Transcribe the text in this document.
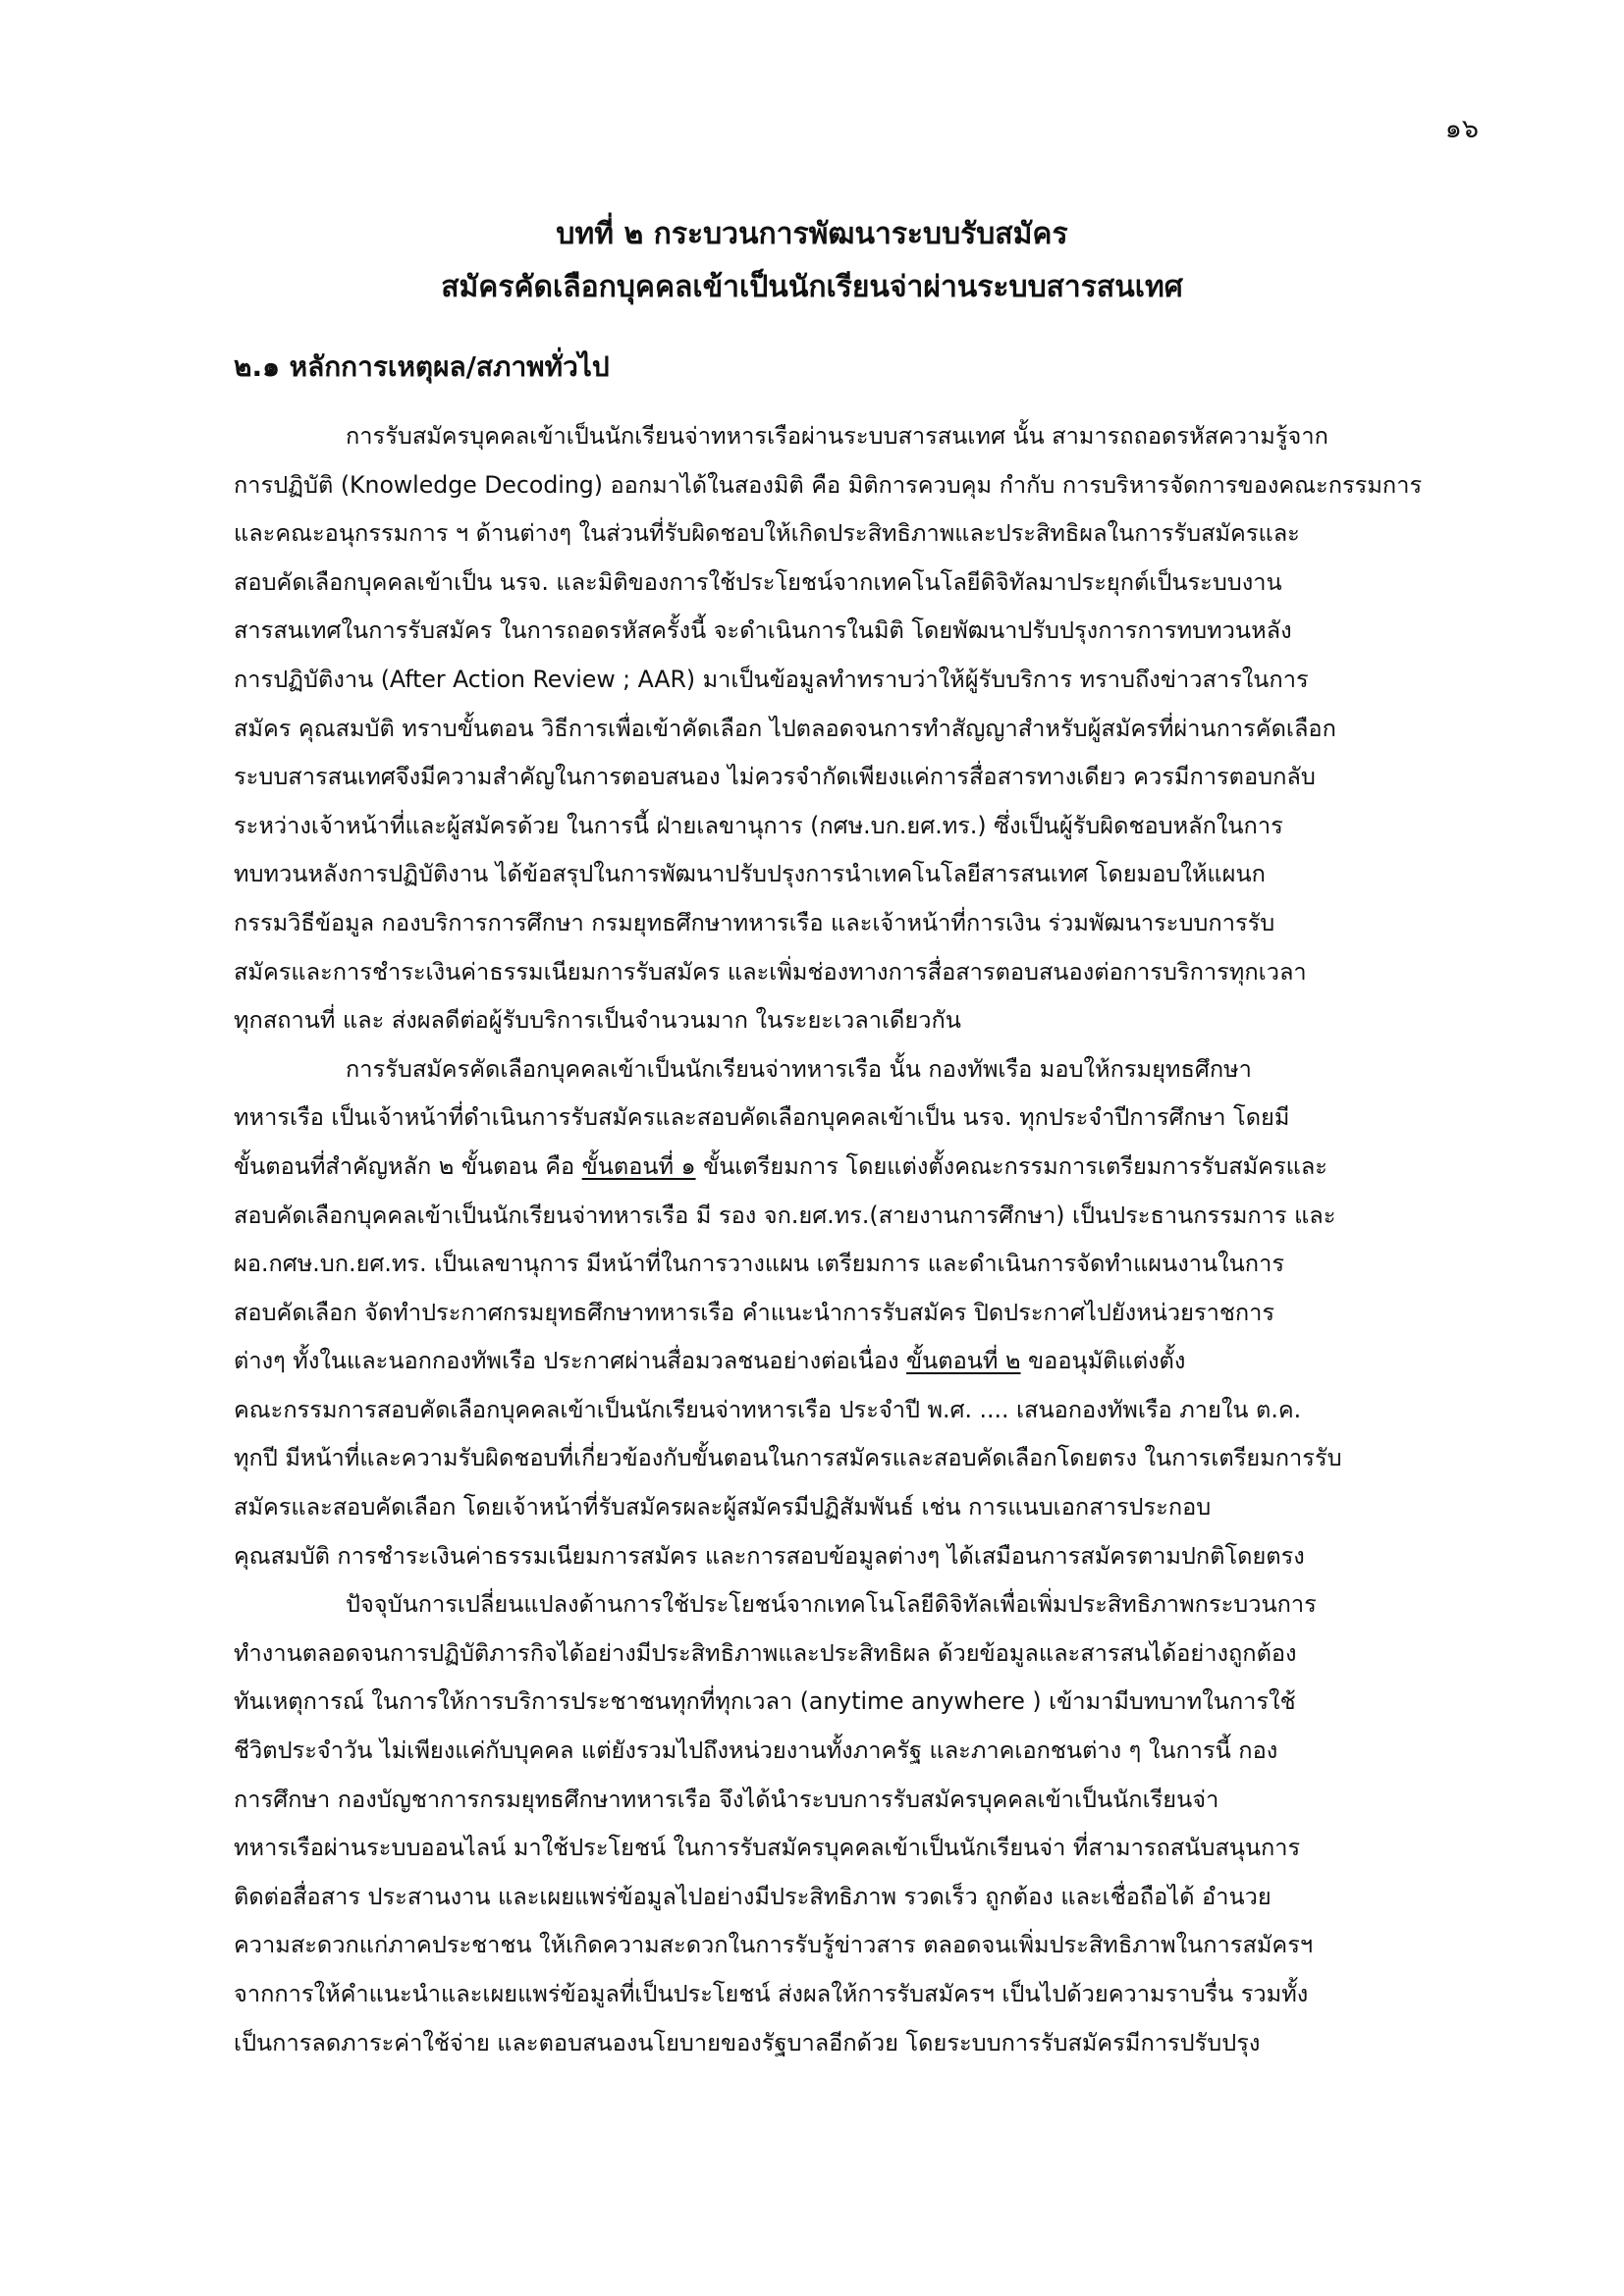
๑๖
บทที่ ๒ กระบวนการพัฒนาระบบรับสมัคร
สมัครคัดเลือกบุคคลเข้าเป็นนักเรียนจ่าผ่านระบบสารสนเทศ
๒.๑ หลักการเหตุผล/สภาพทั่วไป
การรับสมัครบุคคลเข้าเป็นนักเรียนจ่าทหารเรือผ่านระบบสารสนเทศ นั้น สามารถถอดรหัสความรู้จาก
การปฏิบัติ (Knowledge Decoding) ออกมาได้ในสองมิติ คือ มิติการควบคุม กำกับ การบริหารจัดการของคณะกรรมการ
และคณะอนุกรรมการ ฯ ด้านต่างๆ ในส่วนที่รับผิดชอบให้เกิดประสิทธิภาพและประสิทธิผลในการรับสมัครและ
สอบคัดเลือกบุคคลเข้าเป็น นรจ. และมิติของการใช้ประโยชน์จากเทคโนโลยีดิจิทัลมาประยุกต์เป็นระบบงาน
สารสนเทศในการรับสมัคร ในการถอดรหัสครั้งนี้ จะดำเนินการในมิติ โดยพัฒนาปรับปรุงการการทบทวนหลัง
การปฏิบัติงาน (After Action Review ; AAR) มาเป็นข้อมูลทำทราบว่าให้ผู้รับบริการ ทราบถึงข่าวสารในการ
สมัคร คุณสมบัติ ทราบขั้นตอน วิธีการเพื่อเข้าคัดเลือก ไปตลอดจนการทำสัญญาสำหรับผู้สมัครที่ผ่านการคัดเลือก
ระบบสารสนเทศจึงมีความสำคัญในการตอบสนอง ไม่ควรจำกัดเพียงแค่การสื่อสารทางเดียว ควรมีการตอบกลับ
ระหว่างเจ้าหน้าที่และผู้สมัครด้วย ในการนี้ ฝ่ายเลขานุการ (กศษ.บก.ยศ.ทร.) ซึ่งเป็นผู้รับผิดชอบหลักในการ
ทบทวนหลังการปฏิบัติงาน ได้ข้อสรุปในการพัฒนาปรับปรุงการนำเทคโนโลยีสารสนเทศ โดยมอบให้แผนก
กรรมวิธีข้อมูล กองบริการการศึกษา กรมยุทธศึกษาทหารเรือ และเจ้าหน้าที่การเงิน ร่วมพัฒนาระบบการรับ
สมัครและการชำระเงินค่าธรรมเนียมการรับสมัคร และเพิ่มช่องทางการสื่อสารตอบสนองต่อการบริการทุกเวลา
ทุกสถานที่ และ ส่งผลดีต่อผู้รับบริการเป็นจำนวนมาก ในระยะเวลาเดียวกัน
การรับสมัครคัดเลือกบุคคลเข้าเป็นนักเรียนจ่าทหารเรือ นั้น กองทัพเรือ มอบให้กรมยุทธศึกษา
ทหารเรือ เป็นเจ้าหน้าที่ดำเนินการรับสมัครและสอบคัดเลือกบุคคลเข้าเป็น นรจ. ทุกประจำปีการศึกษา โดยมี
ขั้นตอนที่สำคัญหลัก ๒ ขั้นตอน คือ ขั้นตอนที่ ๑ ขั้นเตรียมการ โดยแต่งตั้งคณะกรรมการเตรียมการรับสมัครและ
สอบคัดเลือกบุคคลเข้าเป็นนักเรียนจ่าทหารเรือ มี รอง จก.ยศ.ทร.(สายงานการศึกษา) เป็นประธานกรรมการ และ
ผอ.กศษ.บก.ยศ.ทร. เป็นเลขานุการ มีหน้าที่ในการวางแผน เตรียมการ และดำเนินการจัดทำแผนงานในการ
สอบคัดเลือก จัดทำประกาศกรมยุทธศึกษาทหารเรือ คำแนะนำการรับสมัคร ปิดประกาศไปยังหน่วยราชการ
ต่างๆ ทั้งในและนอกกองทัพเรือ ประกาศผ่านสื่อมวลชนอย่างต่อเนื่อง ขั้นตอนที่ ๒ ขออนุมัติแต่งตั้ง
คณะกรรมการสอบคัดเลือกบุคคลเข้าเป็นนักเรียนจ่าทหารเรือ ประจำปี พ.ศ. .... เสนอกองทัพเรือ ภายใน ต.ค.
ทุกปี มีหน้าที่และความรับผิดชอบที่เกี่ยวข้องกับขั้นตอนในการสมัครและสอบคัดเลือกโดยตรง ในการเตรียมการรับ
สมัครและสอบคัดเลือก โดยเจ้าหน้าที่รับสมัครผละผู้สมัครมีปฏิสัมพันธ์ เช่น การแนบเอกสารประกอบ
คุณสมบัติ การชำระเงินค่าธรรมเนียมการสมัคร และการสอบข้อมูลต่างๆ ได้เสมือนการสมัครตามปกติโดยตรง
ปัจจุบันการเปลี่ยนแปลงด้านการใช้ประโยชน์จากเทคโนโลยีดิจิทัลเพื่อเพิ่มประสิทธิภาพกระบวนการ
ทำงานตลอดจนการปฏิบัติภารกิจได้อย่างมีประสิทธิภาพและประสิทธิผล ด้วยข้อมูลและสารสนได้อย่างถูกต้อง
ทันเหตุการณ์ ในการให้การบริการประชาชนทุกที่ทุกเวลา (anytime anywhere ) เข้ามามีบทบาทในการใช้
ชีวิตประจำวัน ไม่เพียงแค่กับบุคคล แต่ยังรวมไปถึงหน่วยงานทั้งภาครัฐ และภาคเอกชนต่าง ๆ ในการนี้ กอง
การศึกษา กองบัญชาการกรมยุทธศึกษาทหารเรือ จึงได้นำระบบการรับสมัครบุคคลเข้าเป็นนักเรียนจ่า
ทหารเรือผ่านระบบออนไลน์ มาใช้ประโยชน์ ในการรับสมัครบุคคลเข้าเป็นนักเรียนจ่า ที่สามารถสนับสนุนการ
ติดต่อสื่อสาร ประสานงาน และเผยแพร่ข้อมูลไปอย่างมีประสิทธิภาพ รวดเร็ว ถูกต้อง และเชื่อถือได้ อำนวย
ความสะดวกแก่ภาคประชาชน ให้เกิดความสะดวกในการรับรู้ข่าวสาร ตลอดจนเพิ่มประสิทธิภาพในการสมัครฯ
จากการให้คำแนะนำและเผยแพร่ข้อมูลที่เป็นประโยชน์ ส่งผลให้การรับสมัครฯ เป็นไปด้วยความราบรื่น รวมทั้ง
เป็นการลดภาระค่าใช้จ่าย และตอบสนองนโยบายของรัฐบาลอีกด้วย โดยระบบการรับสมัครมีการปรับปรุง
